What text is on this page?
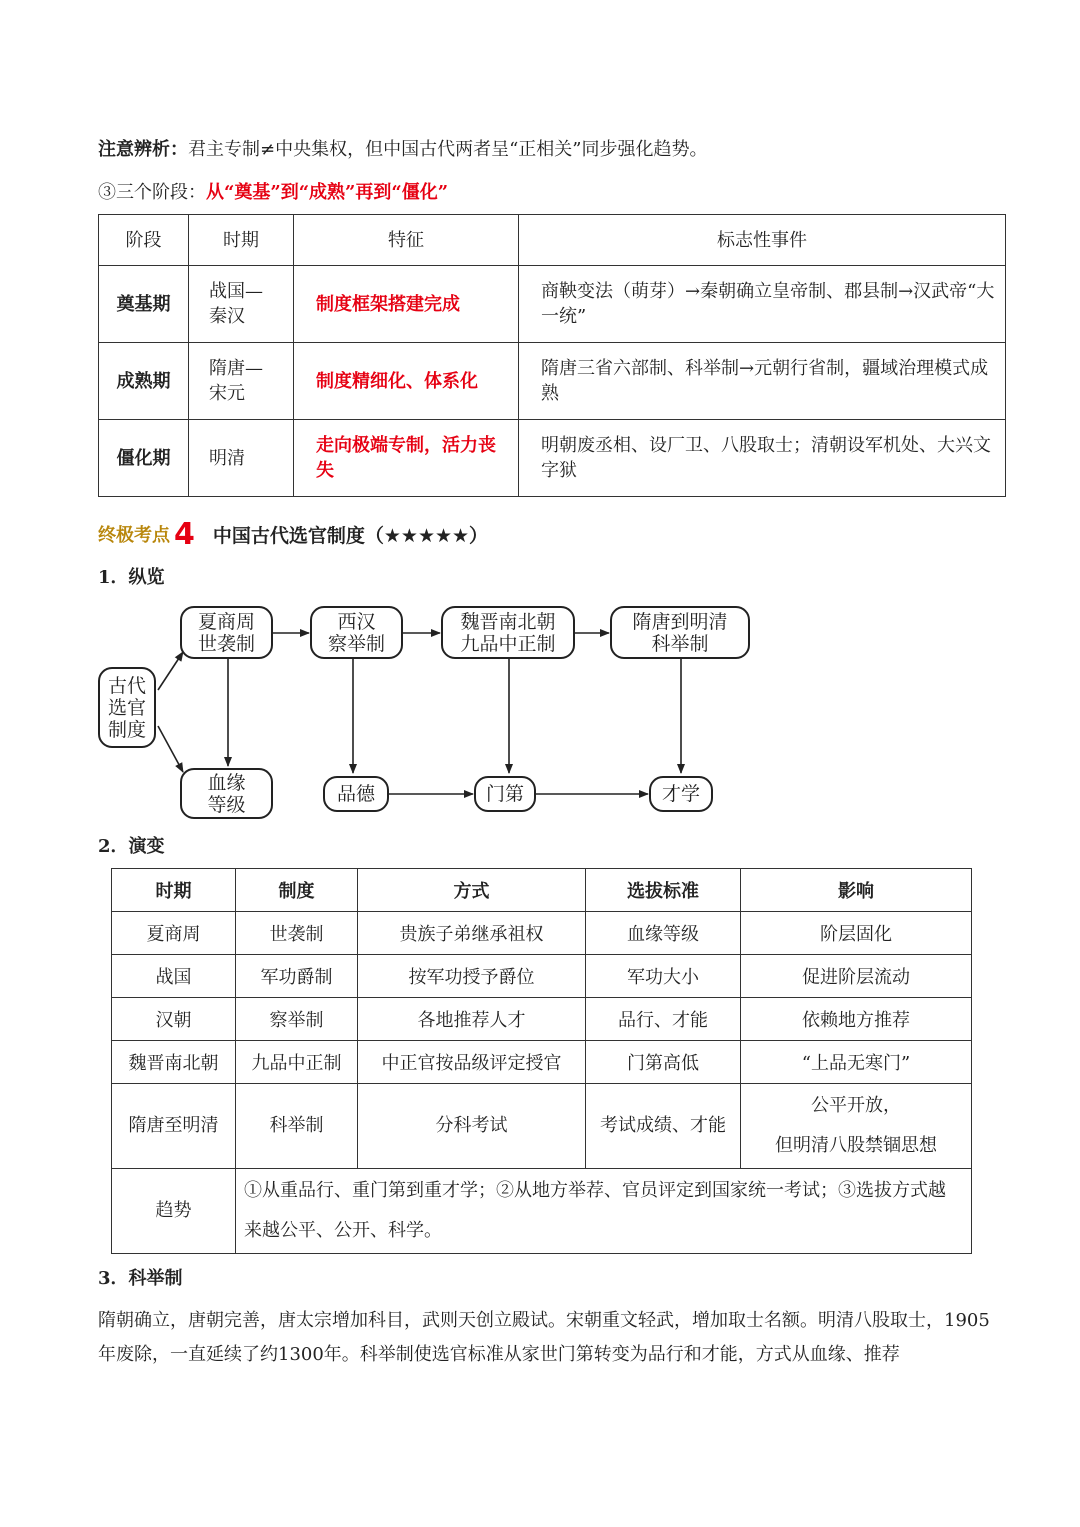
注意辨析：君主专制≠中央集权，但中国古代两者呈“正相关”同步强化趋势。
③三个阶段：从“奠基”到“成熟”再到“僵化”
阶段	时期	特征	标志性事件
奠基期	战国—秦汉	制度框架搭建完成	商鞅变法（萌芽）→秦朝确立皇帝制、郡县制→汉武帝“大一统”
成熟期	隋唐—宋元	制度精细化、体系化	隋唐三省六部制、科举制→元朝行省制，疆域治理模式成熟
僵化期	明清	走向极端专制，活力丧失	明朝废丞相、设厂卫、八股取士；清朝设军机处、大兴文字狱
终极考点 4 中国古代选官制度（★★★★★）
1．纵览
古代
选官
制度
夏商周
世袭制
西汉
察举制
魏晋南北朝
九品中正制
隋唐到明清
科举制
血缘
等级	品德	门第	才学
2．演变
时期	制度	方式	选拔标准	影响
夏商周	世袭制	贵族子弟继承祖权	血缘等级	阶层固化
战国	军功爵制	按军功授予爵位	军功大小	促进阶层流动
汉朝	察举制	各地推荐人才	品行、才能	依赖地方推荐
魏晋南北朝	九品中正制	中正官按品级评定授官	门第高低	“上品无寒门”
隋唐至明清	科举制	分科考试	考试成绩、才能	公平开放，
但明清八股禁锢思想
趋势	①从重品行、重门第到重才学；②从地方举荐、官员评定到国家统一考试；③选拔方式越来越公平、公开、科学。			
3．科举制
隋朝确立，唐朝完善，唐太宗增加科目，武则天创立殿试。宋朝重文轻武，增加取士名额。明清八股取士，1905年废除，一直延续了约1300年。科举制使选官标准从家世门第转变为品行和才能，方式从血缘、推荐
